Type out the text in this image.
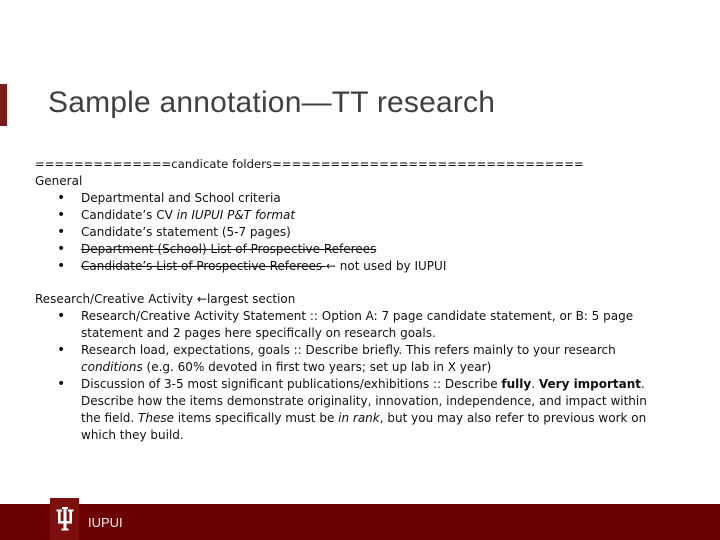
Sample annotation—TT research
==============candicate folders================================
General
• Departmental and School criteria
• Candidate’s CV in IUPUI P&T format
• Candidate’s statement (5-7 pages)
• Department (School) List of Prospective Referees
• Candidate’s List of Prospective Referees ← not used by IUPUI
Research/Creative Activity ←largest section
• Research/Creative Activity Statement :: Option A: 7 page candidate statement, or B: 5 page
statement and 2 pages here specifically on research goals.
• Research load, expectations, goals :: Describe briefly. This refers mainly to your research
conditions (e.g. 60% devoted in first two years; set up lab in X year)
• Discussion of 3-5 most significant publications/exhibitions :: Describe fully. Very important.
Describe how the items demonstrate originality, innovation, independence, and impact within
the field. These items specifically must be in rank, but you may also refer to previous work on
which they build.
IUPUI
